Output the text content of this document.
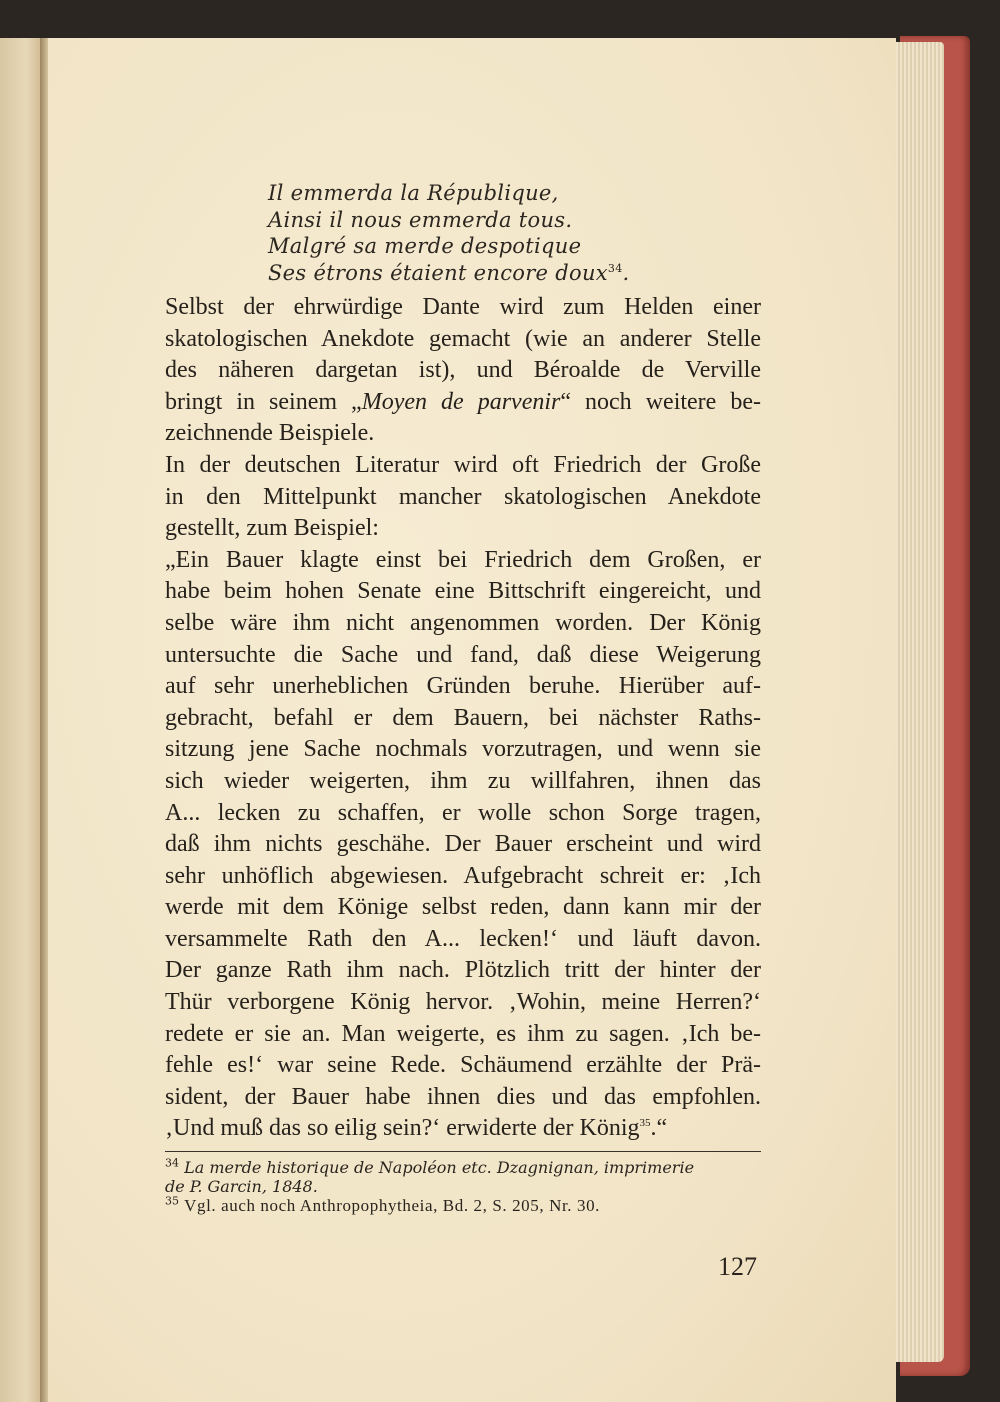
Il emmerda la République,
Ainsi il nous emmerda tous.
Malgré sa merde despotique
Ses étrons étaient encore doux$^{34}$.
Selbst der ehrwürdige Dante wird zum Helden einer
skatologischen Anekdote gemacht (wie an anderer Stelle
des näheren dargetan ist), und Béroalde de Verville
bringt in seinem „Moyen de parvenir“ noch weitere be-
zeichnende Beispiele.
In der deutschen Literatur wird oft Friedrich der Große
in den Mittelpunkt mancher skatologischen Anekdote
gestellt, zum Beispiel:
„Ein Bauer klagte einst bei Friedrich dem Großen, er
habe beim hohen Senate eine Bittschrift eingereicht, und
selbe wäre ihm nicht angenommen worden. Der König
untersuchte die Sache und fand, daß diese Weigerung
auf sehr unerheblichen Gründen beruhe. Hierüber auf-
gebracht, befahl er dem Bauern, bei nächster Raths-
sitzung jene Sache nochmals vorzutragen, und wenn sie
sich wieder weigerten, ihm zu willfahren, ihnen das
A... lecken zu schaffen, er wolle schon Sorge tragen,
daß ihm nichts geschähe. Der Bauer erscheint und wird
sehr unhöflich abgewiesen. Aufgebracht schreit er: ‚Ich
werde mit dem Könige selbst reden, dann kann mir der
versammelte Rath den A... lecken!‘ und läuft davon.
Der ganze Rath ihm nach. Plötzlich tritt der hinter der
Thür verborgene König hervor. ‚Wohin, meine Herren?‘
redete er sie an. Man weigerte, es ihm zu sagen. ‚Ich be-
fehle es!‘ war seine Rede. Schäumend erzählte der Prä-
sident, der Bauer habe ihnen dies und das empfohlen.
‚Und muß das so eilig sein?‘ erwiderte der König$^{35}$.“
$^{34}$ La merde historique de Napoléon etc. Dzagnignan, imprimerie
de P. Garcin, 1848.
$^{35}$ Vgl. auch noch Anthropophytheia, Bd. 2, S. 205, Nr. 30.
127
